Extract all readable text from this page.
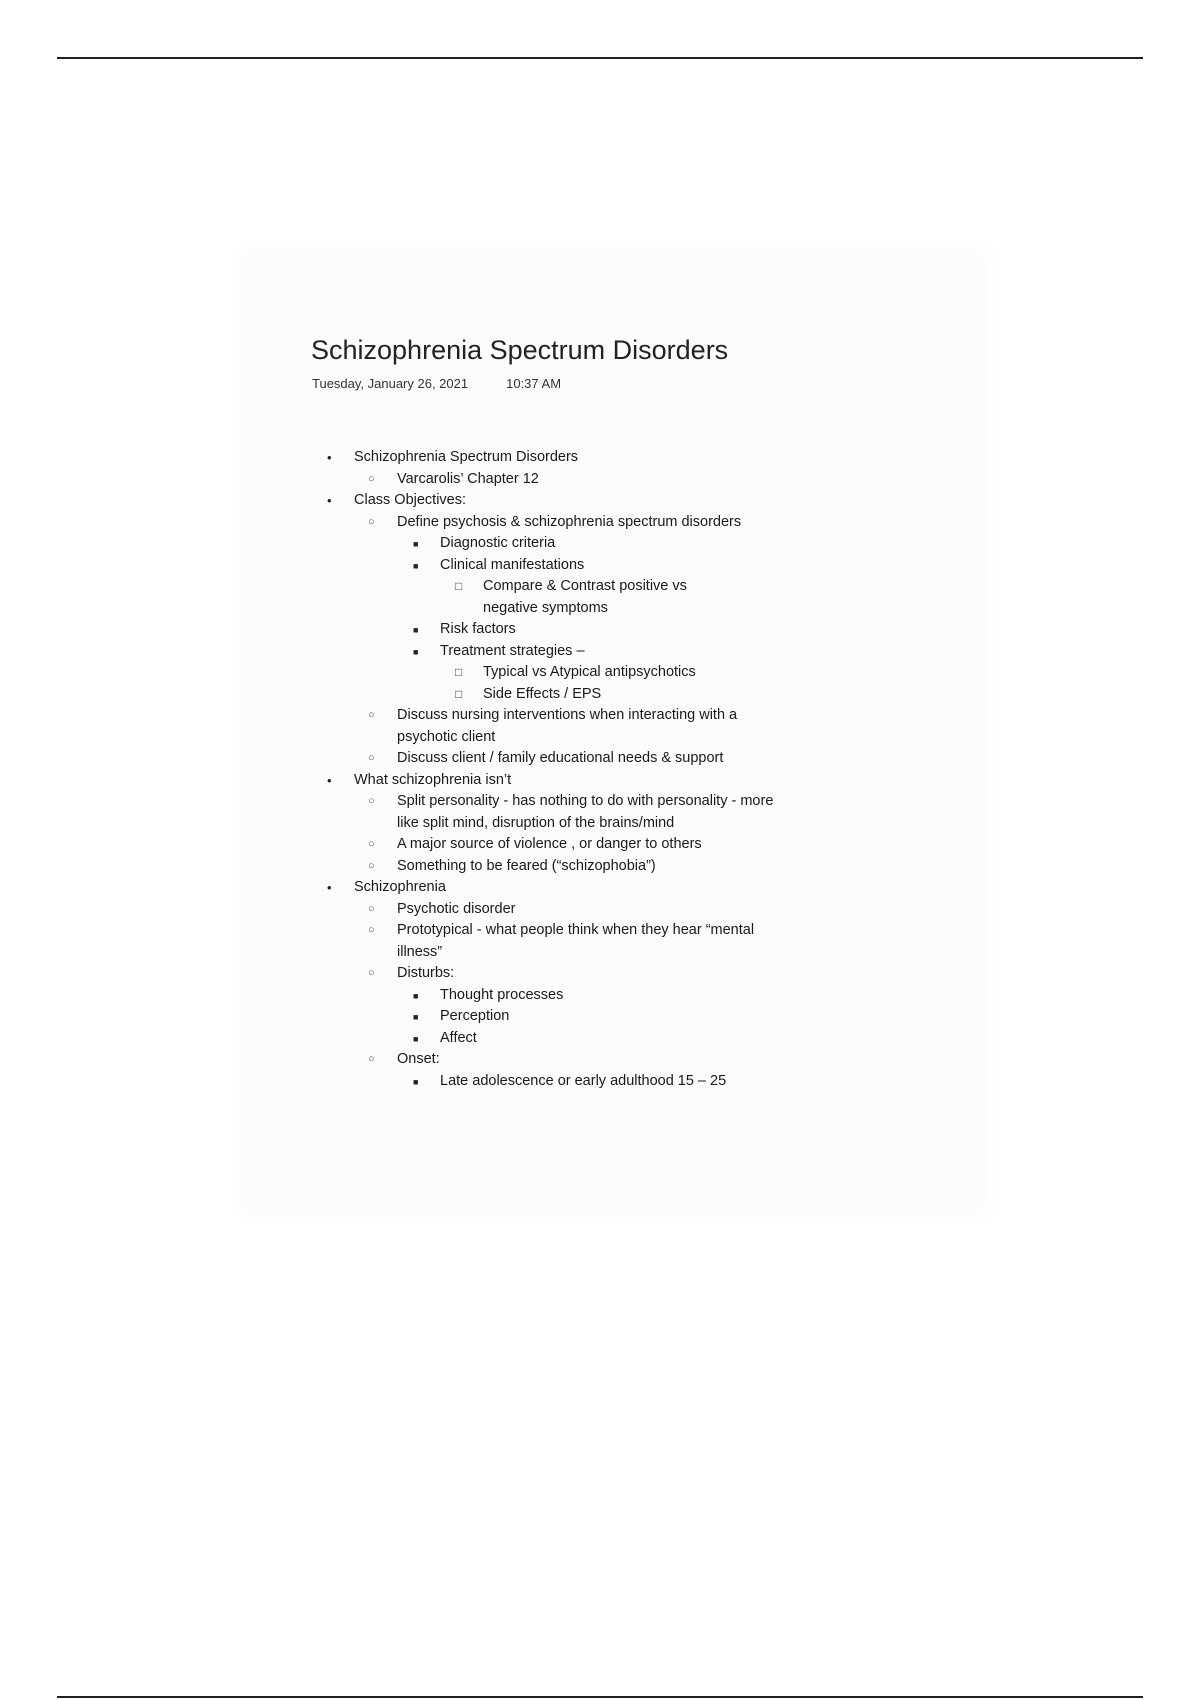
Schizophrenia Spectrum Disorders
Tuesday, January 26, 2021	10:37 AM
• Schizophrenia Spectrum Disorders
○ Varcarolis’ Chapter 12
• Class Objectives:
○ Define psychosis & schizophrenia spectrum disorders
■ Diagnostic criteria
■ Clinical manifestations
□ Compare & Contrast positive vs negative symptoms
■ Risk factors
■ Treatment strategies –
□ Typical vs Atypical antipsychotics
□ Side Effects / EPS
○ Discuss nursing interventions when interacting with a psychotic client
○ Discuss client / family educational needs & support
• What schizophrenia isn’t
○ Split personality - has nothing to do with personality - more like split mind, disruption of the brains/mind
○ A major source of violence , or danger to others
○ Something to be feared (“schizophobia”)
• Schizophrenia
○ Psychotic disorder
○ Prototypical - what people think when they hear “mental illness”
○ Disturbs:
■ Thought processes
■ Perception
■ Affect
○ Onset:
■ Late adolescence or early adulthood 15 – 25
